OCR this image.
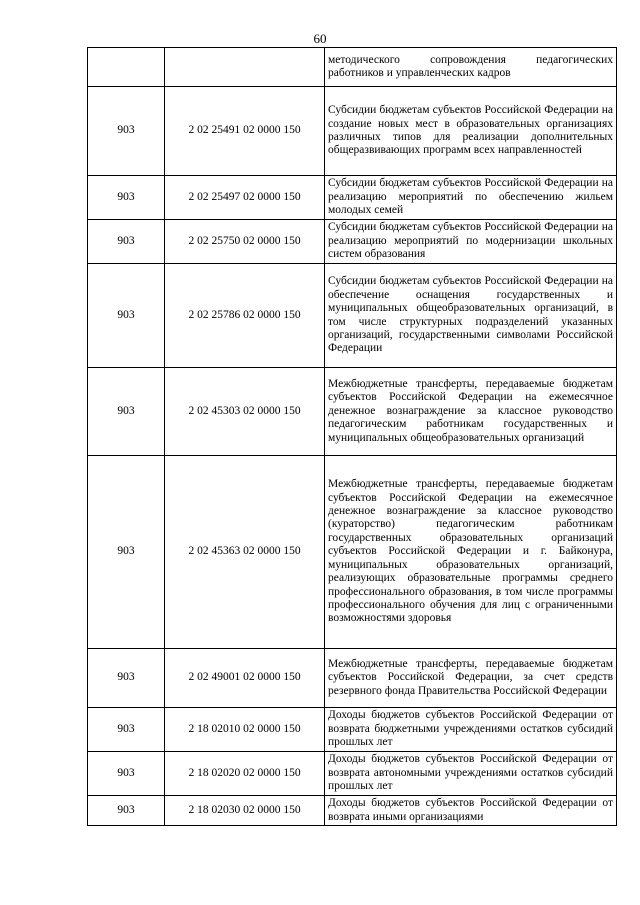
60
		методического сопровождения педагогических работников и управленческих кадров
903	2 02 25491 02 0000 150	Субсидии бюджетам субъектов Российской Федерации на создание новых мест в образовательных организациях различных типов для реализации дополнительных общеразвивающих программ всех направленностей
903	2 02 25497 02 0000 150	Субсидии бюджетам субъектов Российской Федерации на реализацию мероприятий по обеспечению жильем молодых семей
903	2 02 25750 02 0000 150	Субсидии бюджетам субъектов Российской Федерации на реализацию мероприятий по модернизации школьных систем образования
903	2 02 25786 02 0000 150	Субсидии бюджетам субъектов Российской Федерации на обеспечение оснащения государственных и муниципальных общеобразовательных организаций, в том числе структурных подразделений указанных организаций, государственными символами Российской Федерации
903	2 02 45303 02 0000 150	Межбюджетные трансферты, передаваемые бюджетам субъектов Российской Федерации на ежемесячное денежное вознаграждение за классное руководство педагогическим работникам государственных и муниципальных общеобразовательных организаций
903	2 02 45363 02 0000 150	Межбюджетные трансферты, передаваемые бюджетам субъектов Российской Федерации на ежемесячное денежное вознаграждение за классное руководство (кураторство) педагогическим работникам государственных образовательных организаций субъектов Российской Федерации и г. Байконура, муниципальных образовательных организаций, реализующих образовательные программы среднего профессионального образования, в том числе программы профессионального обучения для лиц с ограниченными возможностями здоровья
903	2 02 49001 02 0000 150	Межбюджетные трансферты, передаваемые бюджетам субъектов Российской Федерации, за счет средств резервного фонда Правительства Российской Федерации
903	2 18 02010 02 0000 150	Доходы бюджетов субъектов Российской Федерации от возврата бюджетными учреждениями остатков субсидий прошлых лет
903	2 18 02020 02 0000 150	Доходы бюджетов субъектов Российской Федерации от возврата автономными учреждениями остатков субсидий прошлых лет
903	2 18 02030 02 0000 150	Доходы бюджетов субъектов Российской Федерации от возврата иными организациями
